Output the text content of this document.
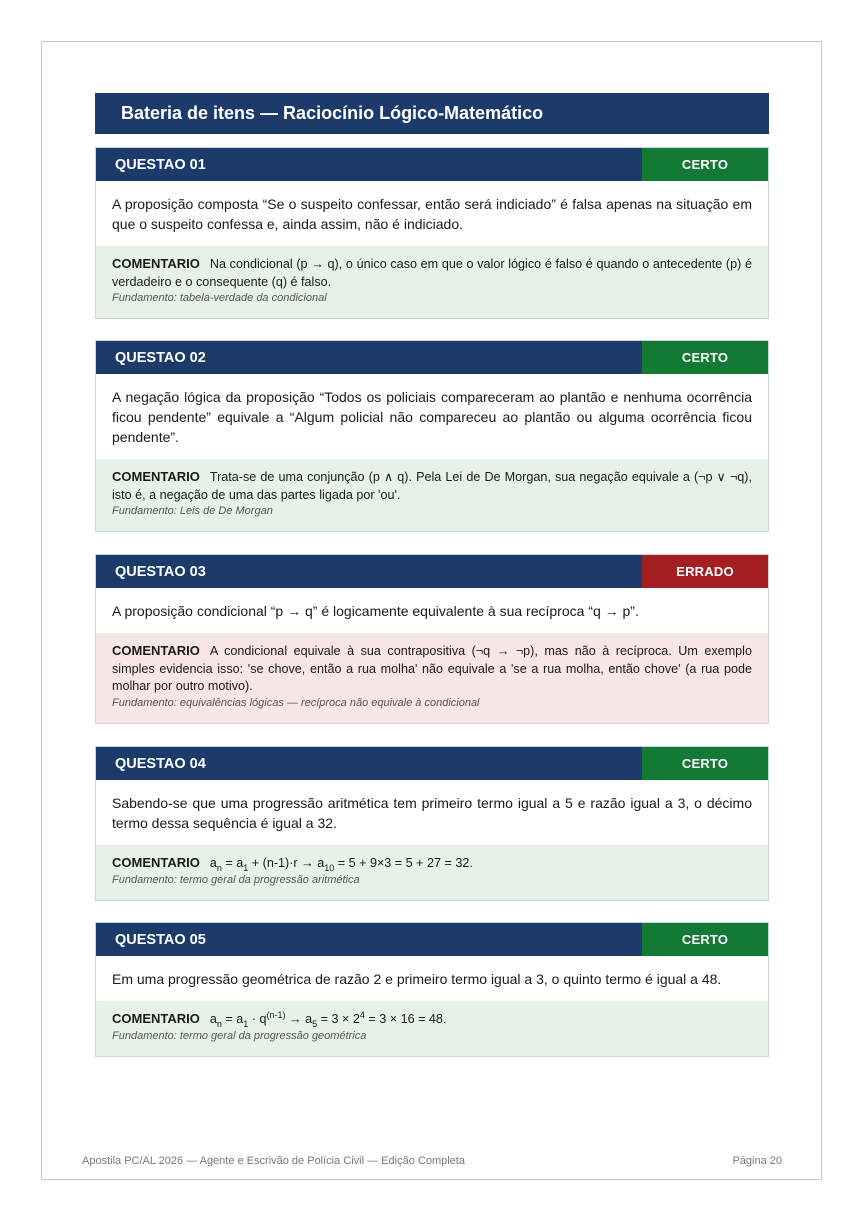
Bateria de itens — Raciocínio Lógico-Matemático
QUESTAO 01	CERTO
A proposição composta “Se o suspeito confessar, então será indiciado” é falsa apenas na situação em que o suspeito confessa e, ainda assim, não é indiciado.
COMENTARIO Na condicional (p → q), o único caso em que o valor lógico é falso é quando o antecedente (p) é verdadeiro e o consequente (q) é falso.
Fundamento: tabela-verdade da condicional
QUESTAO 02	CERTO
A negação lógica da proposição “Todos os policiais compareceram ao plantão e nenhuma ocorrência ficou pendente” equivale a “Algum policial não compareceu ao plantão ou alguma ocorrência ficou pendente”.
COMENTARIO Trata-se de uma conjunção (p ∧ q). Pela Lei de De Morgan, sua negação equivale a (¬p ∨ ¬q), isto é, a negação de uma das partes ligada por 'ou'.
Fundamento: Leis de De Morgan
QUESTAO 03	ERRADO
A proposição condicional “p → q” é logicamente equivalente à sua recíproca “q → p”.
COMENTARIO A condicional equivale à sua contrapositiva (¬q → ¬p), mas não à recíproca. Um exemplo simples evidencia isso: 'se chove, então a rua molha' não equivale a 'se a rua molha, então chove' (a rua pode molhar por outro motivo).
Fundamento: equivalências lógicas — recíproca não equivale à condicional
QUESTAO 04	CERTO
Sabendo-se que uma progressão aritmética tem primeiro termo igual a 5 e razão igual a 3, o décimo termo dessa sequência é igual a 32.
COMENTARIO $a_n = a_1 + (n-1)\cdot r \to a_{10} = 5 + 9\times 3 = 5 + 27 = 32$.
Fundamento: termo geral da progressão aritmética
QUESTAO 05	CERTO
Em uma progressão geométrica de razão 2 e primeiro termo igual a 3, o quinto termo é igual a 48.
COMENTARIO $a_n = a_1 \cdot q^{(n-1)} \to a_5 = 3 \times 2^4 = 3 \times 16 = 48$.
Fundamento: termo geral da progressão geométrica
Apostila PC/AL 2026 — Agente e Escrivão de Polícia Civil — Edição Completa	Página 20
